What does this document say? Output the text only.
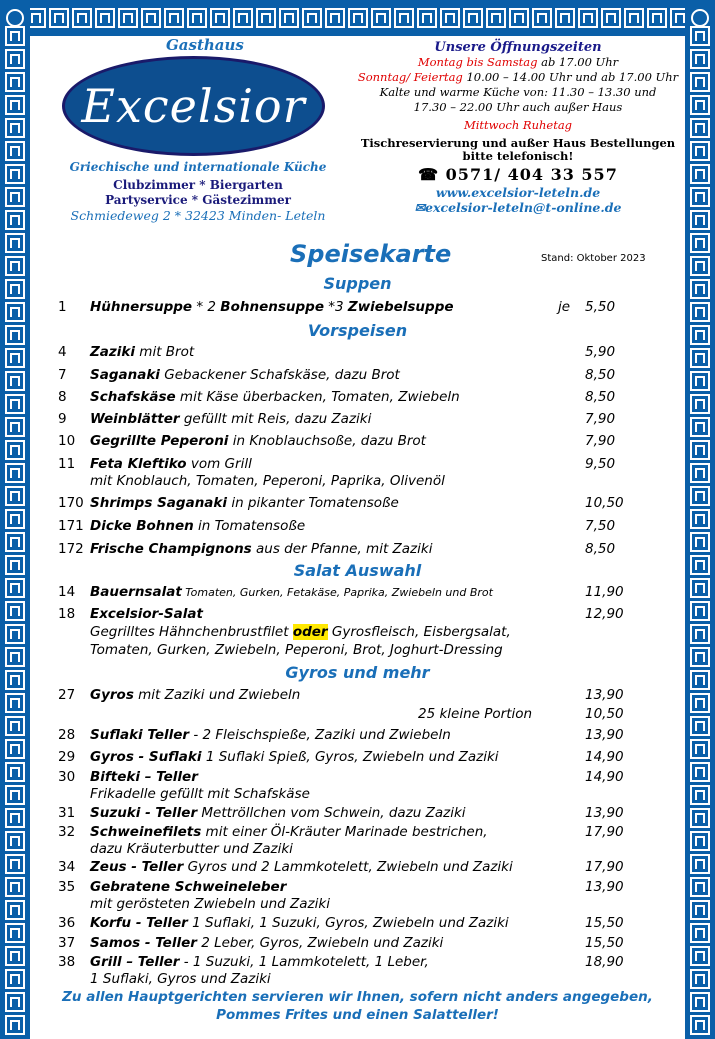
Gasthaus
Excelsior
Griechische und internationale Küche
Clubzimmer * Biergarten
Partyservice * Gästezimmer
Schmiedeweg 2 * 32423 Minden- Leteln
Unsere Öffnungszeiten
Montag bis Samstag ab 17.00 Uhr
Sonntag/ Feiertag 10.00 – 14.00 Uhr und ab 17.00 Uhr
Kalte und warme Küche von: 11.30 – 13.30 und
17.30 – 22.00 Uhr auch außer Haus
Mittwoch Ruhetag
Tischreservierung und außer Haus Bestellungen
bitte telefonisch!
☎ 0571/ 404 33 557
www.excelsior-leteln.de
✉excelsior-leteln@t-online.de
Speisekarte	Stand: Oktober 2023
Suppen
1 Hühnersuppe * 2 Bohnensuppe *3 Zwiebelsuppe	je 5,50
Vorspeisen
4 Zaziki mit Brot	5,90
7 Saganaki Gebackener Schafskäse, dazu Brot	8,50
8 Schafskäse mit Käse überbacken, Tomaten, Zwiebeln	8,50
9 Weinblätter gefüllt mit Reis, dazu Zaziki	7,90
10 Gegrillte Peperoni in Knoblauchsoße, dazu Brot	7,90
11 Feta Kleftiko vom Grill	9,50
mit Knoblauch, Tomaten, Peperoni, Paprika, Olivenöl
170 Shrimps Saganaki in pikanter Tomatensoße	10,50
171 Dicke Bohnen in Tomatensoße	7,50
172 Frische Champignons aus der Pfanne, mit Zaziki	8,50
14 Bauernsalat Tomaten, Gurken, Fetakäse, Paprika, Zwiebeln und Brot	11,90
18 Excelsior-Salat	12,90
Gegrilltes Hähnchenbrustfilet oder Gyrosfleisch, Eisbergsalat,
Tomaten, Gurken, Zwiebeln, Peperoni, Brot, Joghurt-Dressing
27 Gyros mit Zaziki und Zwiebeln	13,90
25 kleine Portion	10,50
28 Suflaki Teller - 2 Fleischspieße, Zaziki und Zwiebeln	13,90
29 Gyros - Suflaki 1 Suflaki Spieß, Gyros, Zwiebeln und Zaziki	14,90
30 Bifteki – Teller	14,90
Frikadelle gefüllt mit Schafskäse
31 Suzuki - Teller Mettröllchen vom Schwein, dazu Zaziki	13,90
32 Schweinefilets mit einer Öl-Kräuter Marinade bestrichen,	17,90
dazu Kräuterbutter und Zaziki
34 Zeus - Teller Gyros und 2 Lammkotelett, Zwiebeln und Zaziki	17,90
35 Gebratene Schweineleber	13,90
mit gerösteten Zwiebeln und Zaziki
36 Korfu - Teller 1 Suflaki, 1 Suzuki, Gyros, Zwiebeln und Zaziki	15,50
37 Samos - Teller 2 Leber, Gyros, Zwiebeln und Zaziki	15,50
38 Grill – Teller - 1 Suzuki, 1 Lammkotelett, 1 Leber,	18,90
1 Suflaki, Gyros und Zaziki
Salat Auswahl
Gyros und mehr
Zu allen Hauptgerichten servieren wir Ihnen, sofern nicht anders angegeben,
Pommes Frites und einen Salatteller!
